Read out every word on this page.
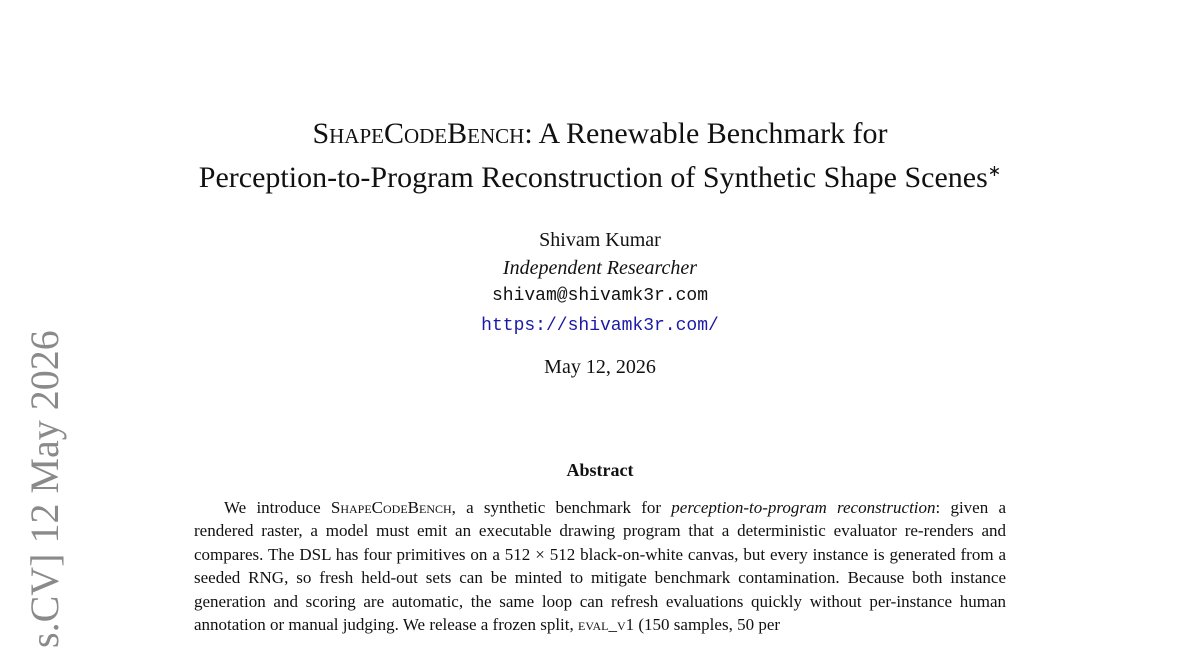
s.CV] 12 May 2026
ShapeCodeBench: A Renewable Benchmark for
Perception-to-Program Reconstruction of Synthetic Shape Scenes∗
Shivam Kumar
Independent Researcher
shivam@shivamk3r.com
https://shivamk3r.com/
May 12, 2026
Abstract

We introduce ShapeCodeBench, a synthetic benchmark for perception-to-program reconstruction: given a rendered raster, a model must emit an executable drawing program that a deterministic evaluator re-renders and compares. The DSL has four primitives on a 512 × 512 black-on-white canvas, but every instance is generated from a seeded RNG, so fresh held-out sets can be minted to mitigate benchmark contamination. Because both instance generation and scoring are automatic, the same loop can refresh evaluations quickly without per-instance human annotation or manual judging. We release a frozen split, eval_v1 (150 samples, 50 per
